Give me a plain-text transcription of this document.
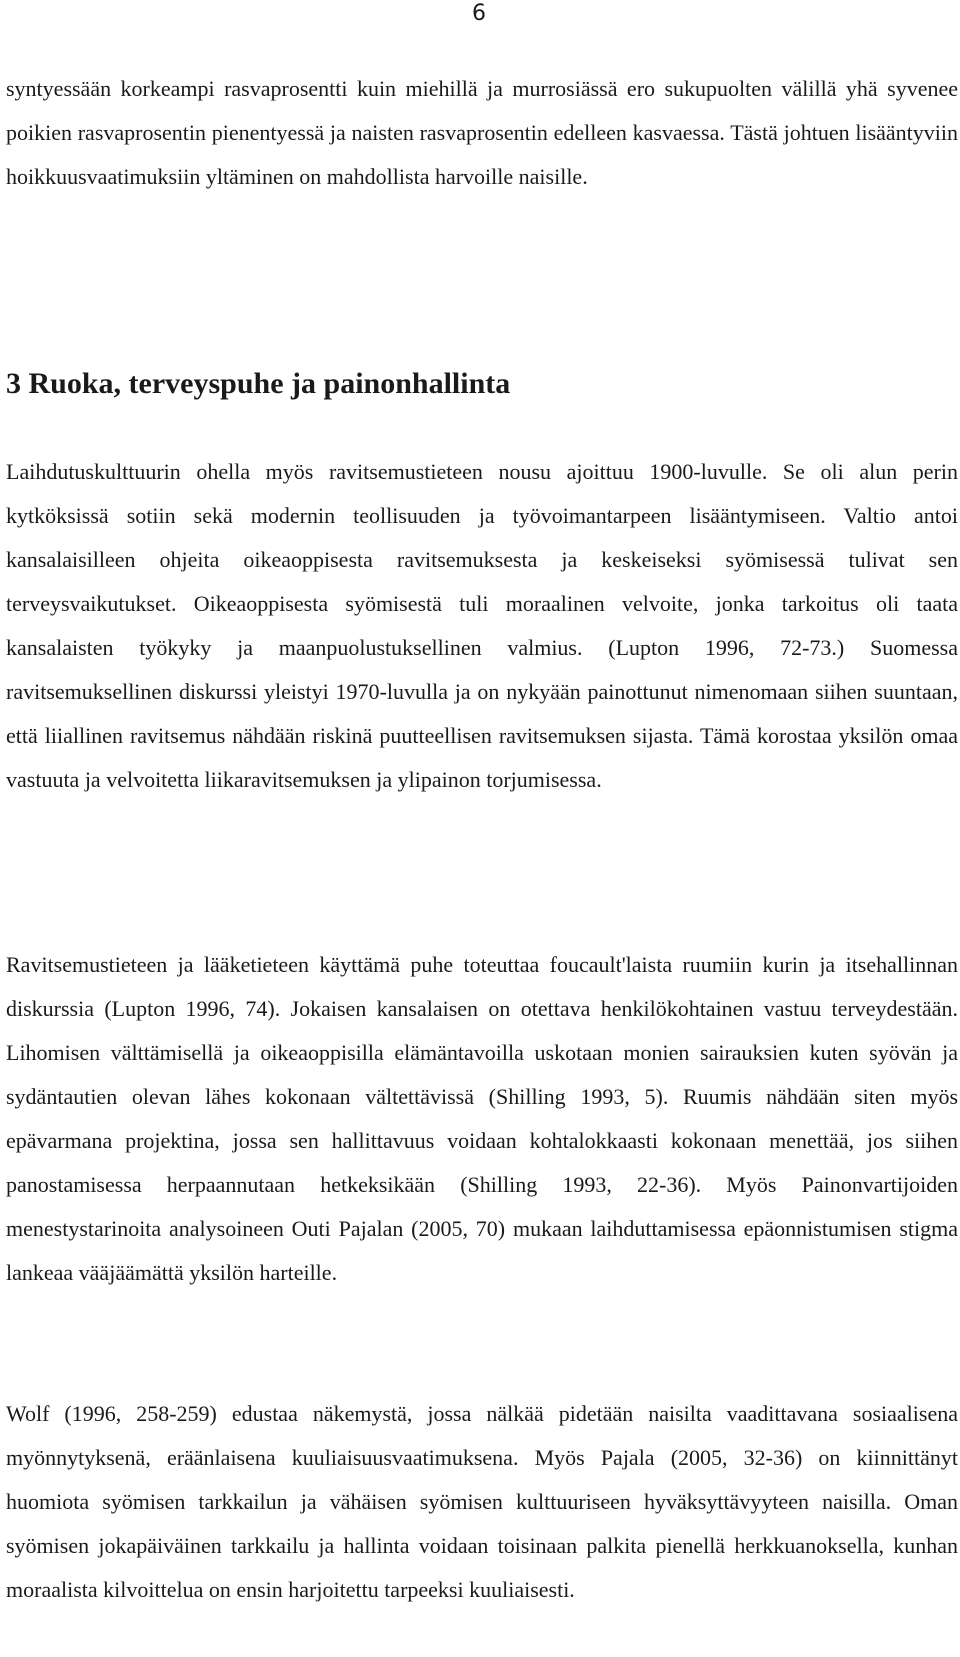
6

syntyessään korkeampi rasvaprosentti kuin miehillä ja murrosiässä ero sukupuolten välillä yhä syvenee poikien rasvaprosentin pienentyessä ja naisten rasvaprosentin edelleen kasvaessa. Tästä johtuen lisääntyviin hoikkuusvaatimuksiin yltäminen on mahdollista harvoille naisille.

3 Ruoka, terveyspuhe ja painonhallinta

Laihdutuskulttuurin ohella myös ravitsemustieteen nousu ajoittuu 1900-luvulle. Se oli alun perin kytköksissä sotiin sekä modernin teollisuuden ja työvoimantarpeen lisääntymiseen. Valtio antoi kansalaisilleen ohjeita oikeaoppisesta ravitsemuksesta ja keskeiseksi syömisessä tulivat sen terveysvaikutukset. Oikeaoppisesta syömisestä tuli moraalinen velvoite, jonka tarkoitus oli taata kansalaisten työkyky ja maanpuolustuksellinen valmius. (Lupton 1996, 72-73.) Suomessa ravitsemuksellinen diskurssi yleistyi 1970-luvulla ja on nykyään painottunut nimenomaan siihen suuntaan, että liiallinen ravitsemus nähdään riskinä puutteellisen ravitsemuksen sijasta. Tämä korostaa yksilön omaa vastuuta ja velvoitetta liikaravitsemuksen ja ylipainon torjumisessa.

Ravitsemustieteen ja lääketieteen käyttämä puhe toteuttaa foucault'laista ruumiin kurin ja itsehallinnan diskurssia (Lupton 1996, 74). Jokaisen kansalaisen on otettava henkilökohtainen vastuu terveydestään. Lihomisen välttämisellä ja oikeaoppisilla elämäntavoilla uskotaan monien sairauksien kuten syövän ja sydäntautien olevan lähes kokonaan vältettävissä (Shilling 1993, 5). Ruumis nähdään siten myös epävarmana projektina, jossa sen hallittavuus voidaan kohtalokkaasti kokonaan menettää, jos siihen panostamisessa herpaannutaan hetkeksikään (Shilling 1993, 22-36). Myös Painonvartijoiden menestystarinoita analysoineen Outi Pajalan (2005, 70) mukaan laihduttamisessa epäonnistumisen stigma lankeaa vääjäämättä yksilön harteille.

Wolf (1996, 258-259) edustaa näkemystä, jossa nälkää pidetään naisilta vaadittavana sosiaalisena myönnytyksenä, eräänlaisena kuuliaisuusvaatimuksena. Myös Pajala (2005, 32-36) on kiinnittänyt huomiota syömisen tarkkailun ja vähäisen syömisen kulttuuriseen hyväksyttävyyteen naisilla. Oman syömisen jokapäiväinen tarkkailu ja hallinta voidaan toisinaan palkita pienellä herkkuanoksella, kunhan moraalista kilvoittelua on ensin harjoitettu tarpeeksi kuuliaisesti.
